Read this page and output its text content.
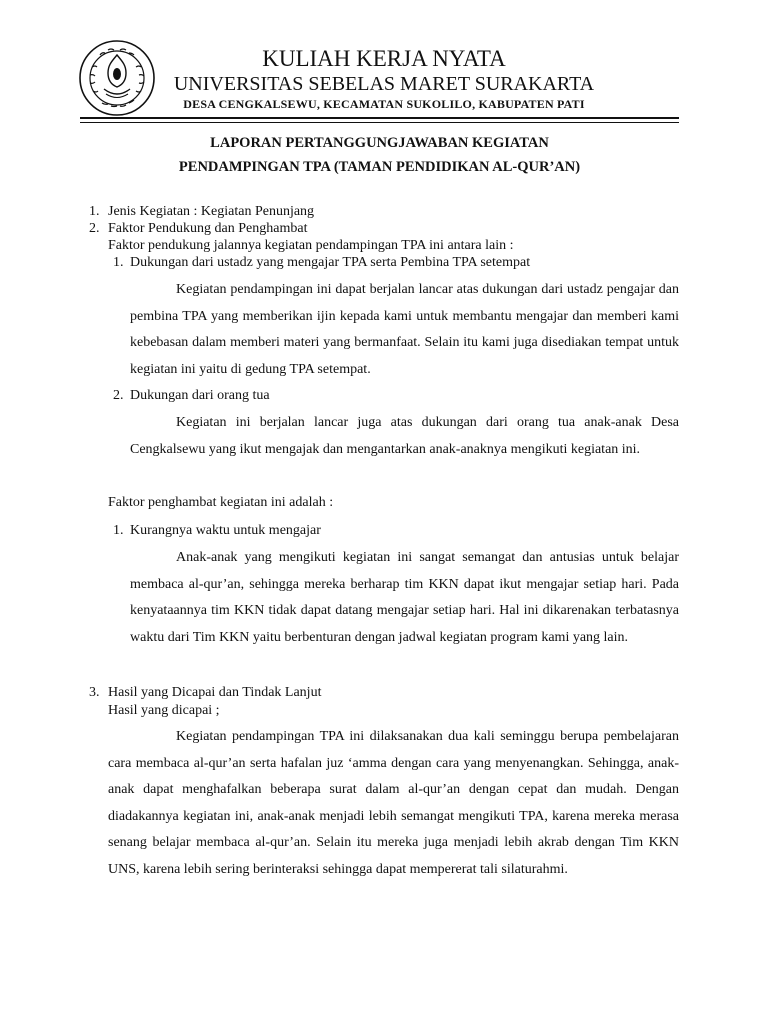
KULIAH KERJA NYATA
UNIVERSITAS SEBELAS MARET SURAKARTA
DESA CENGKALSEWU, KECAMATAN SUKOLILO, KABUPATEN PATI
LAPORAN PERTANGGUNGJAWABAN KEGIATAN
PENDAMPINGAN TPA (TAMAN PENDIDIKAN AL-QUR’AN)
1. Jenis Kegiatan : Kegiatan Penunjang
2. Faktor Pendukung dan Penghambat
Faktor pendukung jalannya kegiatan pendampingan TPA ini antara lain :
1. Dukungan dari ustadz yang mengajar TPA serta Pembina TPA setempat

Kegiatan pendampingan ini dapat berjalan lancar atas dukungan dari ustadz pengajar dan pembina TPA yang memberikan ijin kepada kami untuk membantu mengajar dan memberi kami kebebasan dalam memberi materi yang bermanfaat. Selain itu kami juga disediakan tempat untuk kegiatan ini yaitu di gedung TPA setempat.

2. Dukungan dari orang tua

Kegiatan ini berjalan lancar juga atas dukungan dari orang tua anak-anak Desa Cengkalsewu yang ikut mengajak dan mengantarkan anak-anaknya mengikuti kegiatan ini.

Faktor penghambat kegiatan ini adalah :
1. Kurangnya waktu untuk mengajar

Anak-anak yang mengikuti kegiatan ini sangat semangat dan antusias untuk belajar membaca al-qur’an, sehingga mereka berharap tim KKN dapat ikut mengajar setiap hari. Pada kenyataannya tim KKN tidak dapat datang mengajar setiap hari. Hal ini dikarenakan terbatasnya waktu dari Tim KKN yaitu berbenturan dengan jadwal kegiatan program kami yang lain.

3. Hasil yang Dicapai dan Tindak Lanjut
Hasil yang dicapai ;

Kegiatan pendampingan TPA ini dilaksanakan dua kali seminggu berupa pembelajaran cara membaca al-qur’an serta hafalan juz ‘amma dengan cara yang menyenangkan. Sehingga, anak-anak dapat menghafalkan beberapa surat dalam al-qur’an dengan cepat dan mudah. Dengan diadakannya kegiatan ini, anak-anak menjadi lebih semangat mengikuti TPA, karena mereka merasa senang belajar membaca al-qur’an. Selain itu mereka juga menjadi lebih akrab dengan Tim KKN UNS, karena lebih sering berinteraksi sehingga dapat mempererat tali silaturahmi.
